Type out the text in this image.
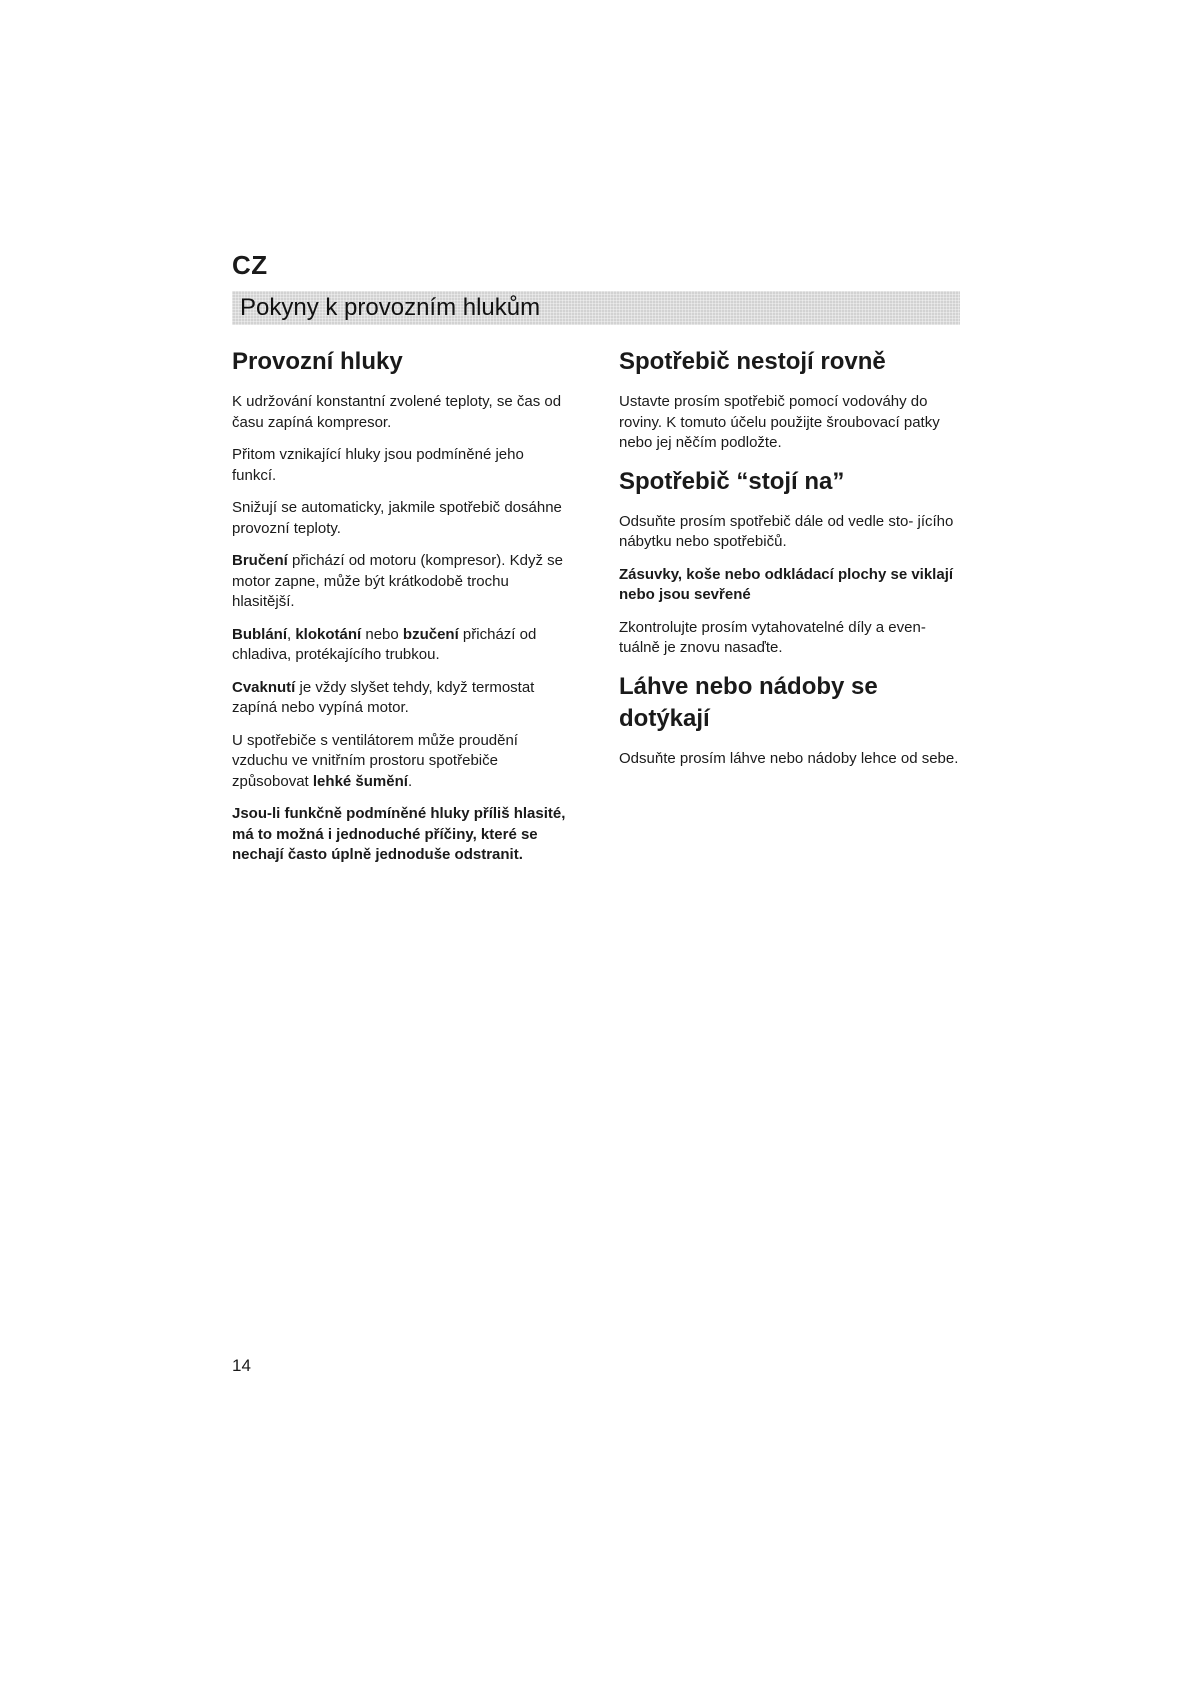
CZ
Pokyny k provozním hlukům
Provozní hluky

K udržování konstantní zvolené teploty, se čas od času zapíná kompresor.

Přitom vznikající hluky jsou podmíněné jeho funkcí.

Snižují se automaticky, jakmile spotřebič dosáhne provozní teploty.

Bručení přichází od motoru (kompresor). Když se motor zapne, může být krátkodobě trochu hlasitější.

Bublání, klokotání nebo bzučení přichází od chladiva, protékajícího trubkou.

Cvaknutí je vždy slyšet tehdy, když termostat zapíná nebo vypíná motor.

U spotřebiče s ventilátorem může proudění vzduchu ve vnitřním prostoru spotřebiče způsobovat lehké šumění.

Jsou-li funkčně podmíněné hluky příliš hlasité, má to možná i jednoduché příčiny, které se nechají často úplně jednoduše odstranit.

Spotřebič nestojí rovně

Ustavte prosím spotřebič pomocí vodováhy do roviny. K tomuto účelu použijte šroubovací patky nebo jej něčím podložte.

Spotřebič “stojí na”

Odsuňte prosím spotřebič dále od vedle sto- jícího nábytku nebo spotřebičů.

Zásuvky, koše nebo odkládací plochy se viklají nebo jsou sevřené

Zkontrolujte prosím vytahovatelné díly a even- tuálně je znovu nasaďte.

Láhve nebo nádoby se dotýkají

Odsuňte prosím láhve nebo nádoby lehce od sebe.

14
